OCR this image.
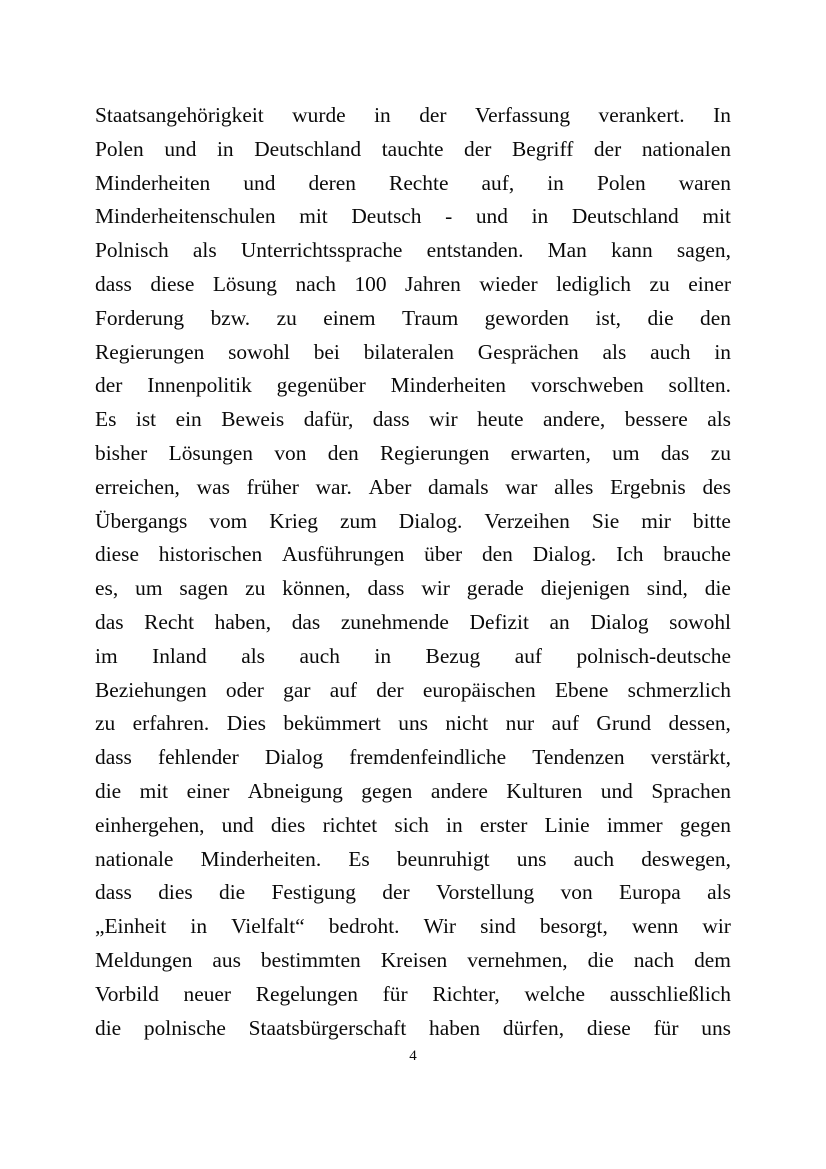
Staatsangehörigkeit wurde in der Verfassung verankert. In
Polen und in Deutschland tauchte der Begriff der nationalen
Minderheiten und deren Rechte auf, in Polen waren
Minderheitenschulen mit Deutsch - und in Deutschland mit
Polnisch als Unterrichtssprache entstanden. Man kann sagen,
dass diese Lösung nach 100 Jahren wieder lediglich zu einer
Forderung bzw. zu einem Traum geworden ist, die den
Regierungen sowohl bei bilateralen Gesprächen als auch in
der Innenpolitik gegenüber Minderheiten vorschweben sollten.
Es ist ein Beweis dafür, dass wir heute andere, bessere als
bisher Lösungen von den Regierungen erwarten, um das zu
erreichen, was früher war. Aber damals war alles Ergebnis des
Übergangs vom Krieg zum Dialog. Verzeihen Sie mir bitte
diese historischen Ausführungen über den Dialog. Ich brauche
es, um sagen zu können, dass wir gerade diejenigen sind, die
das Recht haben, das zunehmende Defizit an Dialog sowohl
im Inland als auch in Bezug auf polnisch-deutsche
Beziehungen oder gar auf der europäischen Ebene schmerzlich
zu erfahren. Dies bekümmert uns nicht nur auf Grund dessen,
dass fehlender Dialog fremdenfeindliche Tendenzen verstärkt,
die mit einer Abneigung gegen andere Kulturen und Sprachen
einhergehen, und dies richtet sich in erster Linie immer gegen
nationale Minderheiten. Es beunruhigt uns auch deswegen,
dass dies die Festigung der Vorstellung von Europa als
„Einheit in Vielfalt“ bedroht. Wir sind besorgt, wenn wir
Meldungen aus bestimmten Kreisen vernehmen, die nach dem
Vorbild neuer Regelungen für Richter, welche ausschließlich
die polnische Staatsbürgerschaft haben dürfen, diese für uns
4
